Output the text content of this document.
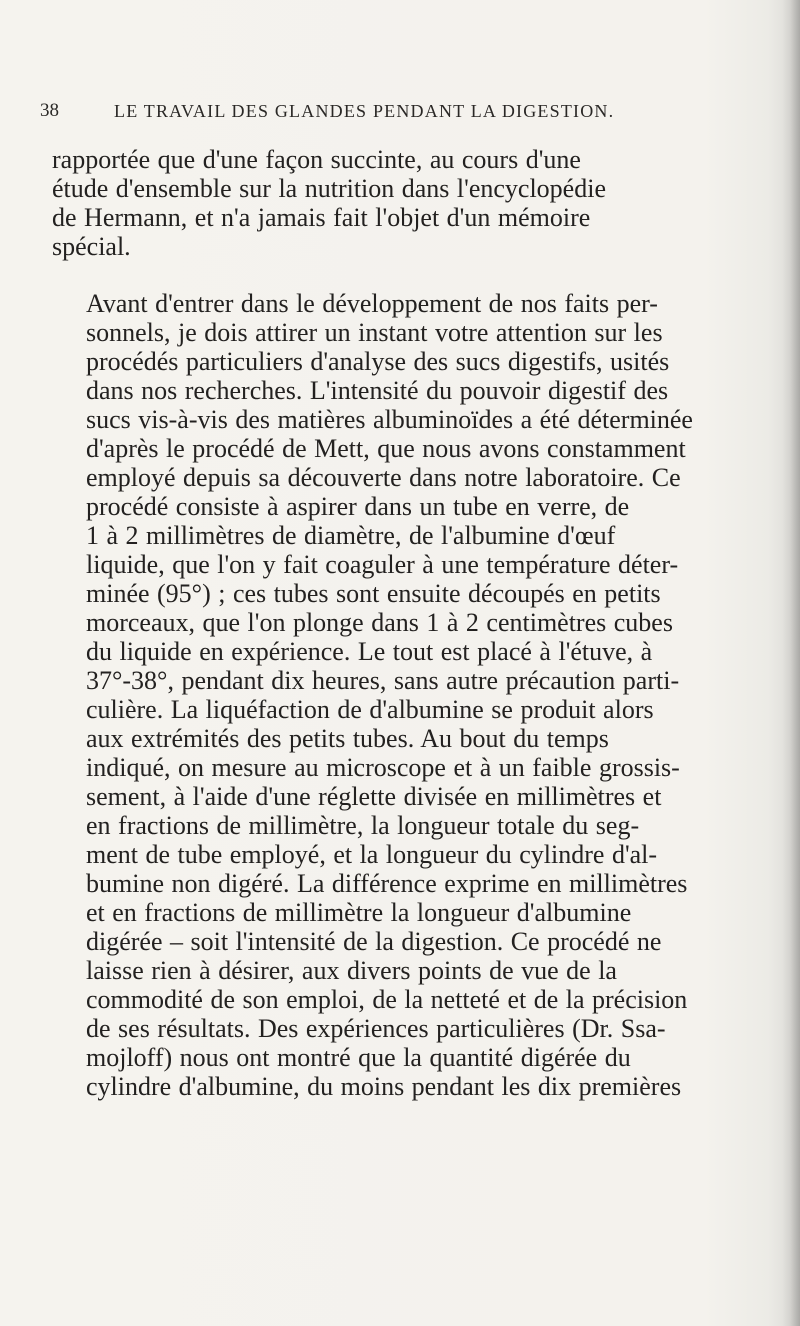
38	LE TRAVAIL DES GLANDES PENDANT LA DIGESTION.

rapportée que d'une façon succinte, au cours d'une
étude d'ensemble sur la nutrition dans l'encyclopédie
de Hermann, et n'a jamais fait l'objet d'un mémoire
spécial.

Avant d'entrer dans le développement de nos faits per-
sonnels, je dois attirer un instant votre attention sur les
procédés particuliers d'analyse des sucs digestifs, usités
dans nos recherches. L'intensité du pouvoir digestif des
sucs vis-à-vis des matières albuminoïdes a été déterminée
d'après le procédé de Mett, que nous avons constamment
employé depuis sa découverte dans notre laboratoire. Ce
procédé consiste à aspirer dans un tube en verre, de
1 à 2 millimètres de diamètre, de l'albumine d'œuf
liquide, que l'on y fait coaguler à une température déter-
minée (95°) ; ces tubes sont ensuite découpés en petits
morceaux, que l'on plonge dans 1 à 2 centimètres cubes
du liquide en expérience. Le tout est placé à l'étuve, à
37°-38°, pendant dix heures, sans autre précaution parti-
culière. La liquéfaction de d'albumine se produit alors
aux extrémités des petits tubes. Au bout du temps
indiqué, on mesure au microscope et à un faible grossis-
sement, à l'aide d'une réglette divisée en millimètres et
en fractions de millimètre, la longueur totale du seg-
ment de tube employé, et la longueur du cylindre d'al-
bumine non digéré. La différence exprime en millimètres
et en fractions de millimètre la longueur d'albumine
digérée – soit l'intensité de la digestion. Ce procédé ne
laisse rien à désirer, aux divers points de vue de la
commodité de son emploi, de la netteté et de la précision
de ses résultats. Des expériences particulières (Dr. Ssa-
mojloff) nous ont montré que la quantité digérée du
cylindre d'albumine, du moins pendant les dix premières
